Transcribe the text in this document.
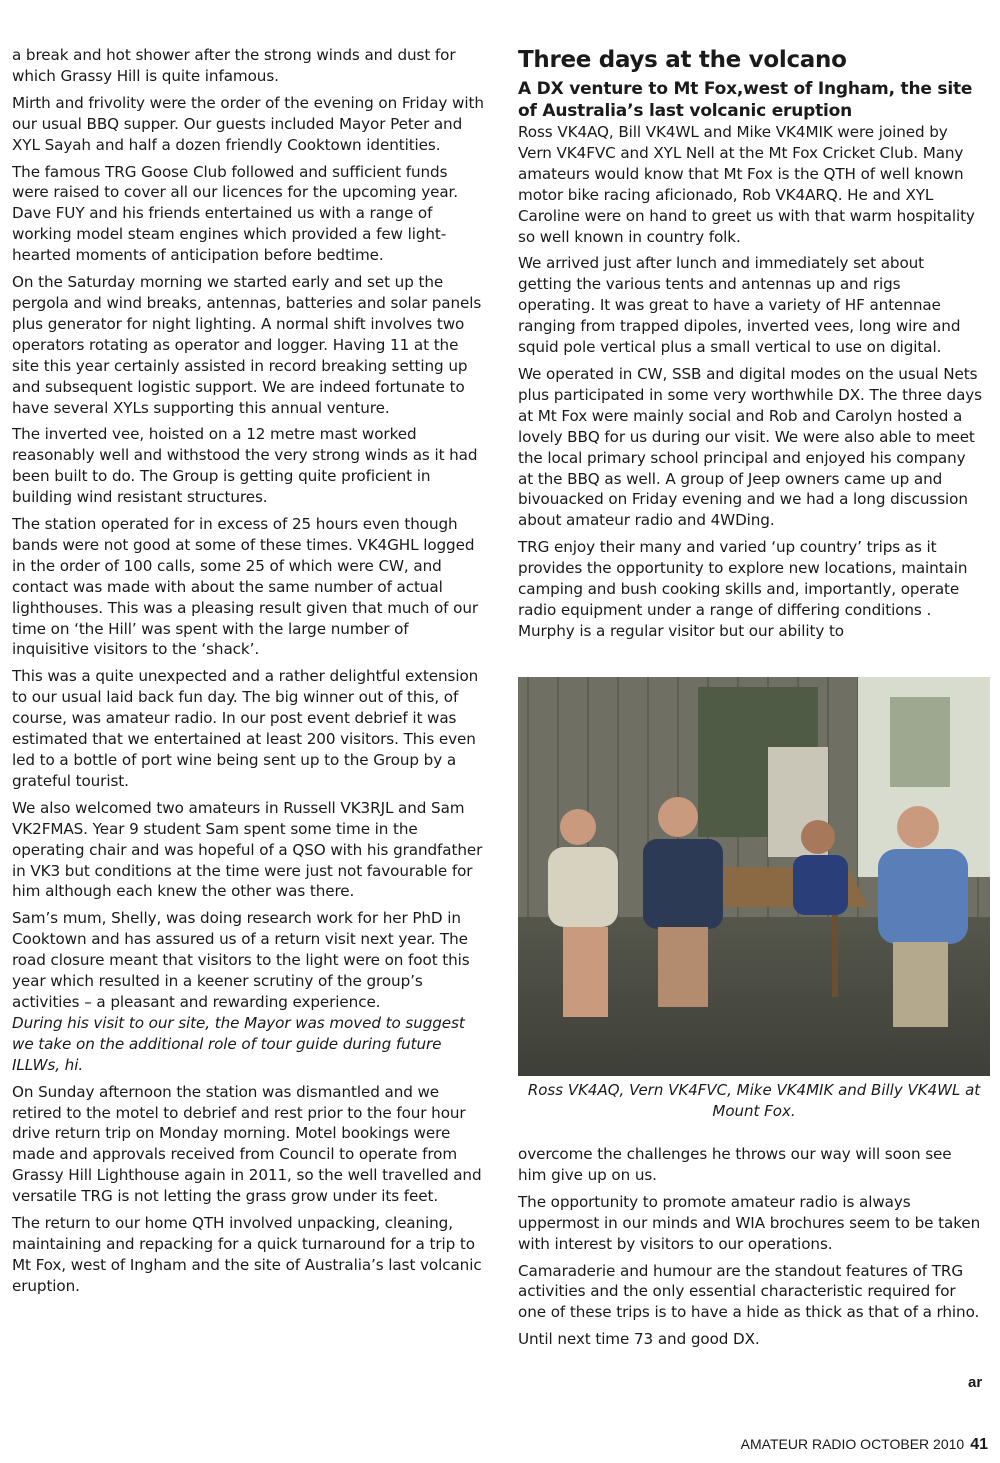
a break and hot shower after the strong winds and dust for which Grassy Hill is quite infamous.

Mirth and frivolity were the order of the evening on Friday with our usual BBQ supper. Our guests included Mayor Peter and XYL Sayah and half a dozen friendly Cooktown identities.

The famous TRG Goose Club followed and sufficient funds were raised to cover all our licences for the upcoming year. Dave FUY and his friends entertained us with a range of working model steam engines which provided a few light-hearted moments of anticipation before bedtime.

On the Saturday morning we started early and set up the pergola and wind breaks, antennas, batteries and solar panels plus generator for night lighting. A normal shift involves two operators rotating as operator and logger. Having 11 at the site this year certainly assisted in record breaking setting up and subsequent logistic support. We are indeed fortunate to have several XYLs supporting this annual venture.

The inverted vee, hoisted on a 12 metre mast worked reasonably well and withstood the very strong winds as it had been built to do. The Group is getting quite proficient in building wind resistant structures.

The station operated for in excess of 25 hours even though bands were not good at some of these times. VK4GHL logged in the order of 100 calls, some 25 of which were CW, and contact was made with about the same number of actual lighthouses. This was a pleasing result given that much of our time on ‘the Hill’ was spent with the large number of inquisitive visitors to the ‘shack’.

This was a quite unexpected and a rather delightful extension to our usual laid back fun day. The big winner out of this, of course, was amateur radio. In our post event debrief it was estimated that we entertained at least 200 visitors. This even led to a bottle of port wine being sent up to the Group by a grateful tourist.

We also welcomed two amateurs in Russell VK3RJL and Sam VK2FMAS. Year 9 student Sam spent some time in the operating chair and was hopeful of a QSO with his grandfather in VK3 but conditions at the time were just not favourable for him although each knew the other was there.

Sam’s mum, Shelly, was doing research work for her PhD in Cooktown and has assured us of a return visit next year. The road closure meant that visitors to the light were on foot this year which resulted in a keener scrutiny of the group’s activities – a pleasant and rewarding experience.

During his visit to our site, the Mayor was moved to suggest we take on the additional role of tour guide during future ILLWs, hi.

On Sunday afternoon the station was dismantled and we retired to the motel to debrief and rest prior to the four hour drive return trip on Monday morning. Motel bookings were made and approvals received from Council to operate from Grassy Hill Lighthouse again in 2011, so the well travelled and versatile TRG is not letting the grass grow under its feet.

The return to our home QTH involved unpacking, cleaning, maintaining and repacking for a quick turnaround for a trip to Mt Fox, west of Ingham and the site of Australia’s last volcanic eruption.

Three days at the volcano
A DX venture to Mt Fox,west of Ingham, the site of Australia’s last volcanic eruption

Ross VK4AQ, Bill VK4WL and Mike VK4MIK were joined by Vern VK4FVC and XYL Nell at the Mt Fox Cricket Club. Many amateurs would know that Mt Fox is the QTH of well known motor bike racing aficionado, Rob VK4ARQ. He and XYL Caroline were on hand to greet us with that warm hospitality so well known in country folk.

We arrived just after lunch and immediately set about getting the various tents and antennas up and rigs operating. It was great to have a variety of HF antennae ranging from trapped dipoles, inverted vees, long wire and squid pole vertical plus a small vertical to use on digital.

We operated in CW, SSB and digital modes on the usual Nets plus participated in some very worthwhile DX. The three days at Mt Fox were mainly social and Rob and Carolyn hosted a lovely BBQ for us during our visit. We were also able to meet the local primary school principal and enjoyed his company at the BBQ as well. A group of Jeep owners came up and bivouacked on Friday evening and we had a long discussion about amateur radio and 4WDing.

TRG enjoy their many and varied ‘up country’ trips as it provides the opportunity to explore new locations, maintain camping and bush cooking skills and, importantly, operate radio equipment under a range of differing conditions . Murphy is a regular visitor but our ability to

Ross VK4AQ, Vern VK4FVC, Mike VK4MIK and Billy VK4WL at Mount Fox.

overcome the challenges he throws our way will soon see him give up on us.

The opportunity to promote amateur radio is always uppermost in our minds and WIA brochures seem to be taken with interest by visitors to our operations.

Camaraderie and humour are the standout features of TRG activities and the only essential characteristic required for one of these trips is to have a hide as thick as that of a rhino.

Until next time 73 and good DX.

ar
AMATEUR RADIO OCTOBER 2010 41
